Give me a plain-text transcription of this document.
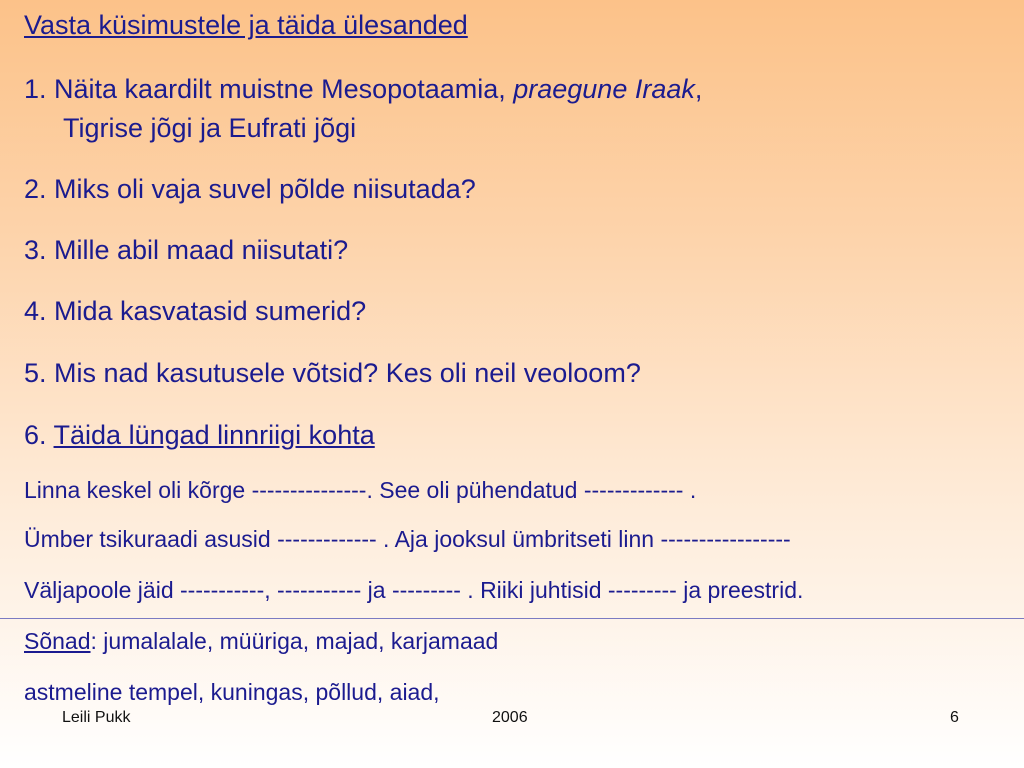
Vasta küsimustele ja täida ülesanded
1. Näita kaardilt muistne Mesopotaamia, praegune Iraak,
Tigrise jõgi ja Eufrati jõgi
2. Miks oli vaja suvel põlde niisutada?
3. Mille abil maad niisutati?
4. Mida kasvatasid sumerid?
5. Mis nad kasutusele võtsid? Kes oli neil veoloom?
6. Täida lüngad linnriigi kohta
Linna keskel oli kõrge ---------------. See oli pühendatud ------------- .
Ümber tsikuraadi asusid ------------- . Aja jooksul ümbritseti linn -----------------
Väljapoole jäid -----------, ----------- ja --------- . Riiki juhtisid --------- ja preestrid.
Sõnad: jumalalale, müüriga, majad, karjamaad
astmeline tempel, kuningas, põllud, aiad,
Leili Pukk	2006	6
